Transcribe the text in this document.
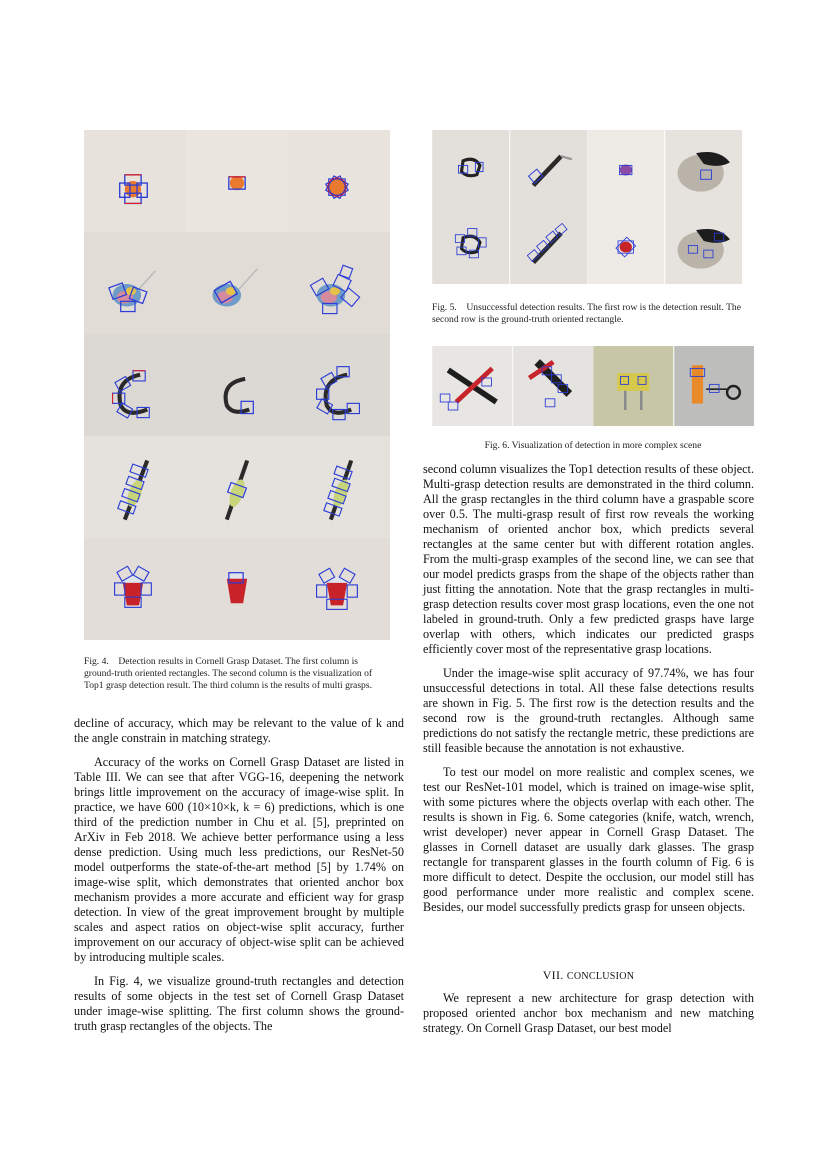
Fig. 4. Detection results in Cornell Grasp Dataset. The first column is ground-truth oriented rectangles. The second column is the visualization of Top1 grasp detection result. The third column is the results of multi grasps.
Fig. 5. Unsuccessful detection results. The first row is the detection result. The second row is the ground-truth oriented rectangle.
Fig. 6. Visualization of detection in more complex scene

decline of accuracy, which may be relevant to the value of k and the angle constrain in matching strategy.

Accuracy of the works on Cornell Grasp Dataset are listed in Table III. We can see that after VGG-16, deepening the network brings little improvement on the accuracy of image-wise split. In practice, we have 600 (10×10×k, k = 6) predictions, which is one third of the prediction number in Chu et al. [5], preprinted on ArXiv in Feb 2018. We achieve better performance using a less dense prediction. Using much less predictions, our ResNet-50 model outperforms the state-of-the-art method [5] by 1.74% on image-wise split, which demonstrates that oriented anchor box mechanism provides a more accurate and efficient way for grasp detection. In view of the great improvement brought by multiple scales and aspect ratios on object-wise split accuracy, further improvement on our accuracy of object-wise split can be achieved by introducing multiple scales.

In Fig. 4, we visualize ground-truth rectangles and detection results of some objects in the test set of Cornell Grasp Dataset under image-wise splitting. The first column shows the ground-truth grasp rectangles of the objects. The

second column visualizes the Top1 detection results of these object. Multi-grasp detection results are demonstrated in the third column. All the grasp rectangles in the third column have a graspable score over 0.5. The multi-grasp result of first row reveals the working mechanism of oriented anchor box, which predicts several rectangles at the same center but with different rotation angles. From the multi-grasp examples of the second line, we can see that our model predicts grasps from the shape of the objects rather than just fitting the annotation. Note that the grasp rectangles in multi-grasp detection results cover most grasp locations, even the one not labeled in ground-truth. Only a few predicted grasps have large overlap with others, which indicates our predicted grasps efficiently cover most of the representative grasp locations.

Under the image-wise split accuracy of 97.74%, we has four unsuccessful detections in total. All these false detections results are shown in Fig. 5. The first row is the detection results and the second row is the ground-truth rectangles. Although same predictions do not satisfy the rectangle metric, these predictions are still feasible because the annotation is not exhaustive.

To test our model on more realistic and complex scenes, we test our ResNet-101 model, which is trained on image-wise split, with some pictures where the objects overlap with each other. The results is shown in Fig. 6. Some categories (knife, watch, wrench, wrist developer) never appear in Cornell Grasp Dataset. The glasses in Cornell dataset are usually dark glasses. The grasp rectangle for transparent glasses in the fourth column of Fig. 6 is more difficult to detect. Despite the occlusion, our model still has good performance under more realistic and complex scene. Besides, our model successfully predicts grasp for unseen objects.

VII. CONCLUSION

We represent a new architecture for grasp detection with proposed oriented anchor box mechanism and new matching strategy. On Cornell Grasp Dataset, our best model
